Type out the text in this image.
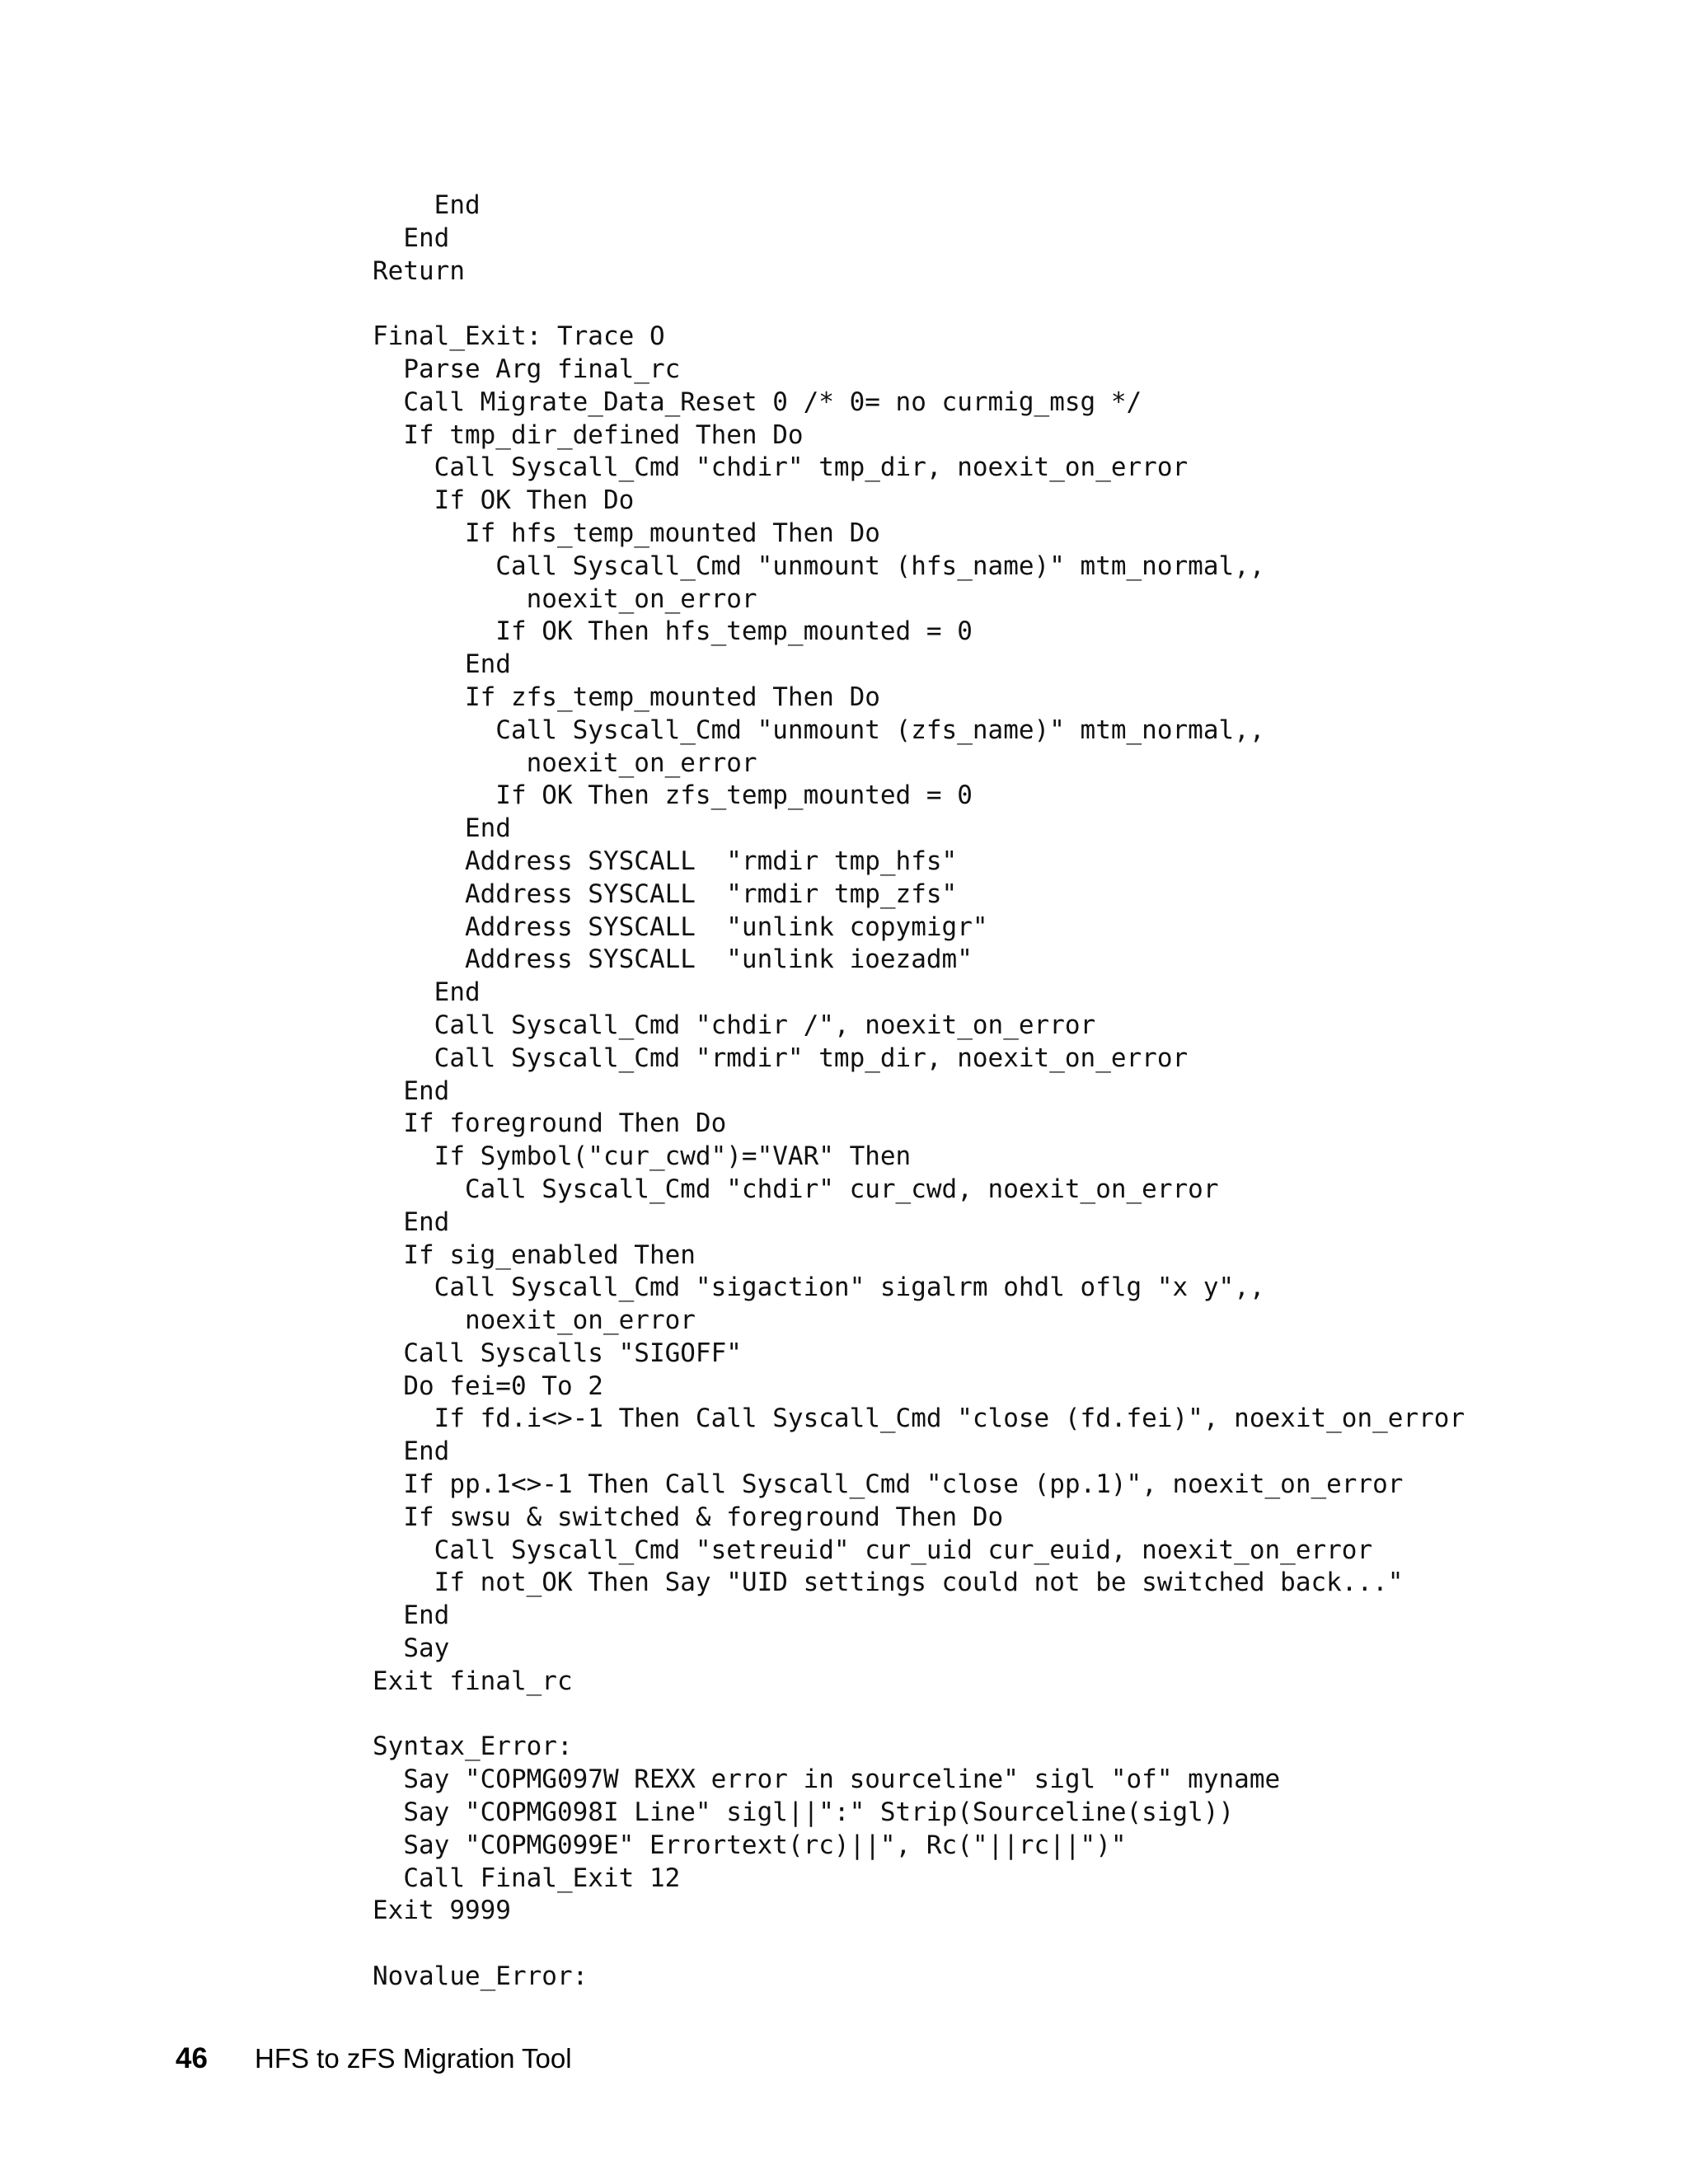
End
End
Return

Final_Exit: Trace O
Parse Arg final_rc
Call Migrate_Data_Reset 0 /* 0= no curmig_msg */
If tmp_dir_defined Then Do
Call Syscall_Cmd "chdir" tmp_dir, noexit_on_error
If OK Then Do
If hfs_temp_mounted Then Do
Call Syscall_Cmd "unmount (hfs_name)" mtm_normal,,
noexit_on_error
If OK Then hfs_temp_mounted = 0
End
If zfs_temp_mounted Then Do
Call Syscall_Cmd "unmount (zfs_name)" mtm_normal,,
noexit_on_error
If OK Then zfs_temp_mounted = 0
End
Address SYSCALL  "rmdir tmp_hfs"
Address SYSCALL  "rmdir tmp_zfs"
Address SYSCALL  "unlink copymigr"
Address SYSCALL  "unlink ioezadm"
End
Call Syscall_Cmd "chdir /", noexit_on_error
Call Syscall_Cmd "rmdir" tmp_dir, noexit_on_error
End
If foreground Then Do
If Symbol("cur_cwd")="VAR" Then
Call Syscall_Cmd "chdir" cur_cwd, noexit_on_error
End
If sig_enabled Then
Call Syscall_Cmd "sigaction" sigalrm ohdl oflg "x y",,
noexit_on_error
Call Syscalls "SIGOFF"
Do fei=0 To 2
If fd.i<>-1 Then Call Syscall_Cmd "close (fd.fei)", noexit_on_error
End
If pp.1<>-1 Then Call Syscall_Cmd "close (pp.1)", noexit_on_error
If swsu & switched & foreground Then Do
Call Syscall_Cmd "setreuid" cur_uid cur_euid, noexit_on_error
If not_OK Then Say "UID settings could not be switched back..."
End
Say
Exit final_rc

Syntax_Error:
Say "COPMG097W REXX error in sourceline" sigl "of" myname
Say "COPMG098I Line" sigl||":" Strip(Sourceline(sigl))
Say "COPMG099E" Errortext(rc)||", Rc("||rc||")"
Call Final_Exit 12
Exit 9999

Novalue_Error:
46	HFS to zFS Migration Tool
